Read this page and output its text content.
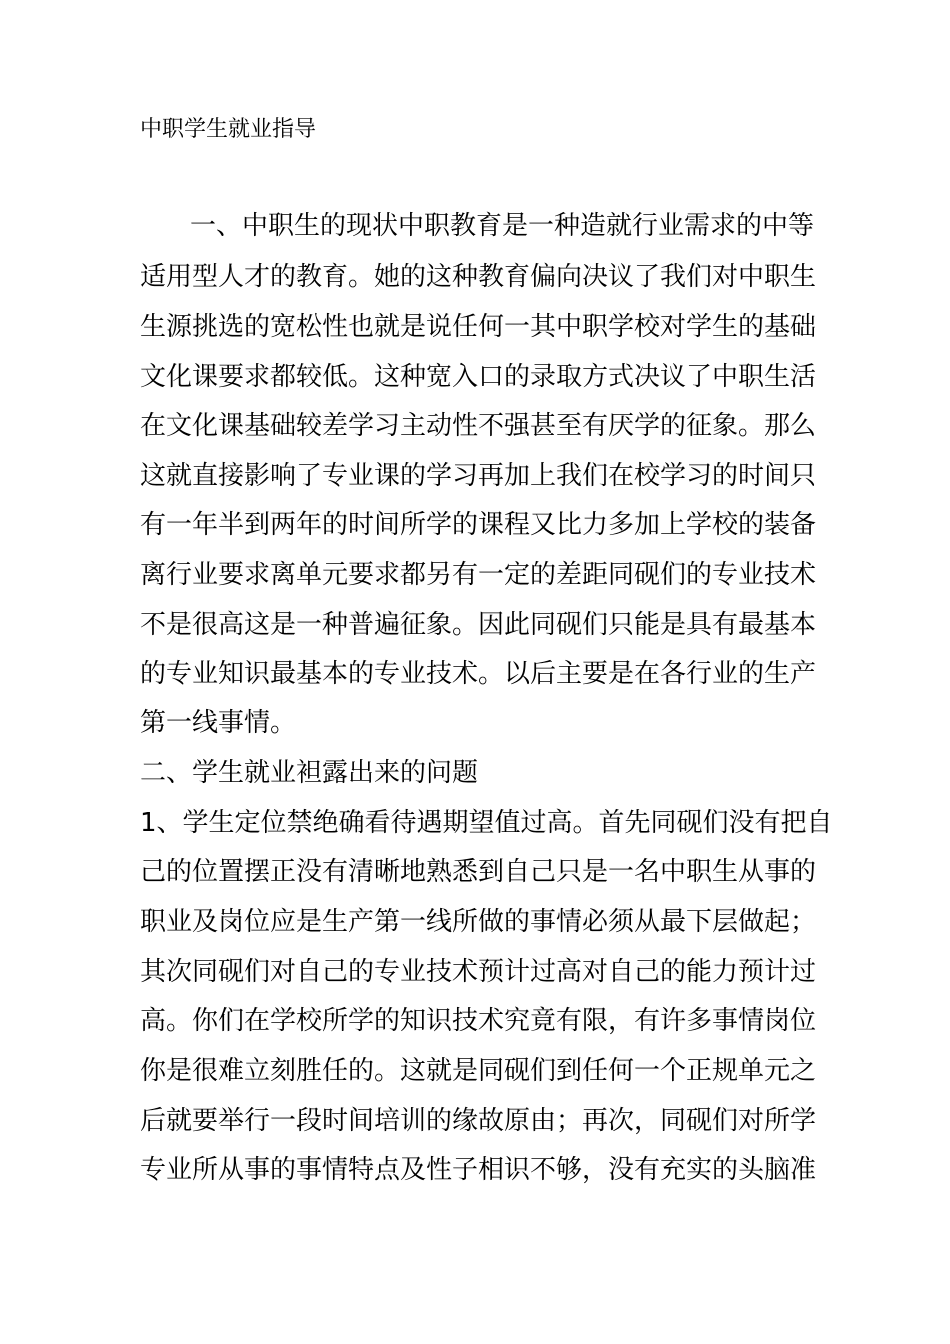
中职学生就业指导
一、中职生的现状中职教育是一种造就行业需求的中等
适用型人才的教育。她的这种教育偏向决议了我们对中职生
生源挑选的宽松性也就是说任何一其中职学校对学生的基础
文化课要求都较低。这种宽入口的录取方式决议了中职生活
在文化课基础较差学习主动性不强甚至有厌学的征象。那么
这就直接影响了专业课的学习再加上我们在校学习的时间只
有一年半到两年的时间所学的课程又比力多加上学校的装备
离行业要求离单元要求都另有一定的差距同砚们的专业技术
不是很高这是一种普遍征象。因此同砚们只能是具有最基本
的专业知识最基本的专业技术。以后主要是在各行业的生产
第一线事情。
二、学生就业袒露出来的问题
1、学生定位禁绝确看待遇期望值过高。首先同砚们没有把自
己的位置摆正没有清晰地熟悉到自己只是一名中职生从事的
职业及岗位应是生产第一线所做的事情必须从最下层做起；
其次同砚们对自己的专业技术预计过高对自己的能力预计过
高。你们在学校所学的知识技术究竟有限，有许多事情岗位
你是很难立刻胜任的。这就是同砚们到任何一个正规单元之
后就要举行一段时间培训的缘故原由；再次，同砚们对所学
专业所从事的事情特点及性子相识不够，没有充实的头脑准
